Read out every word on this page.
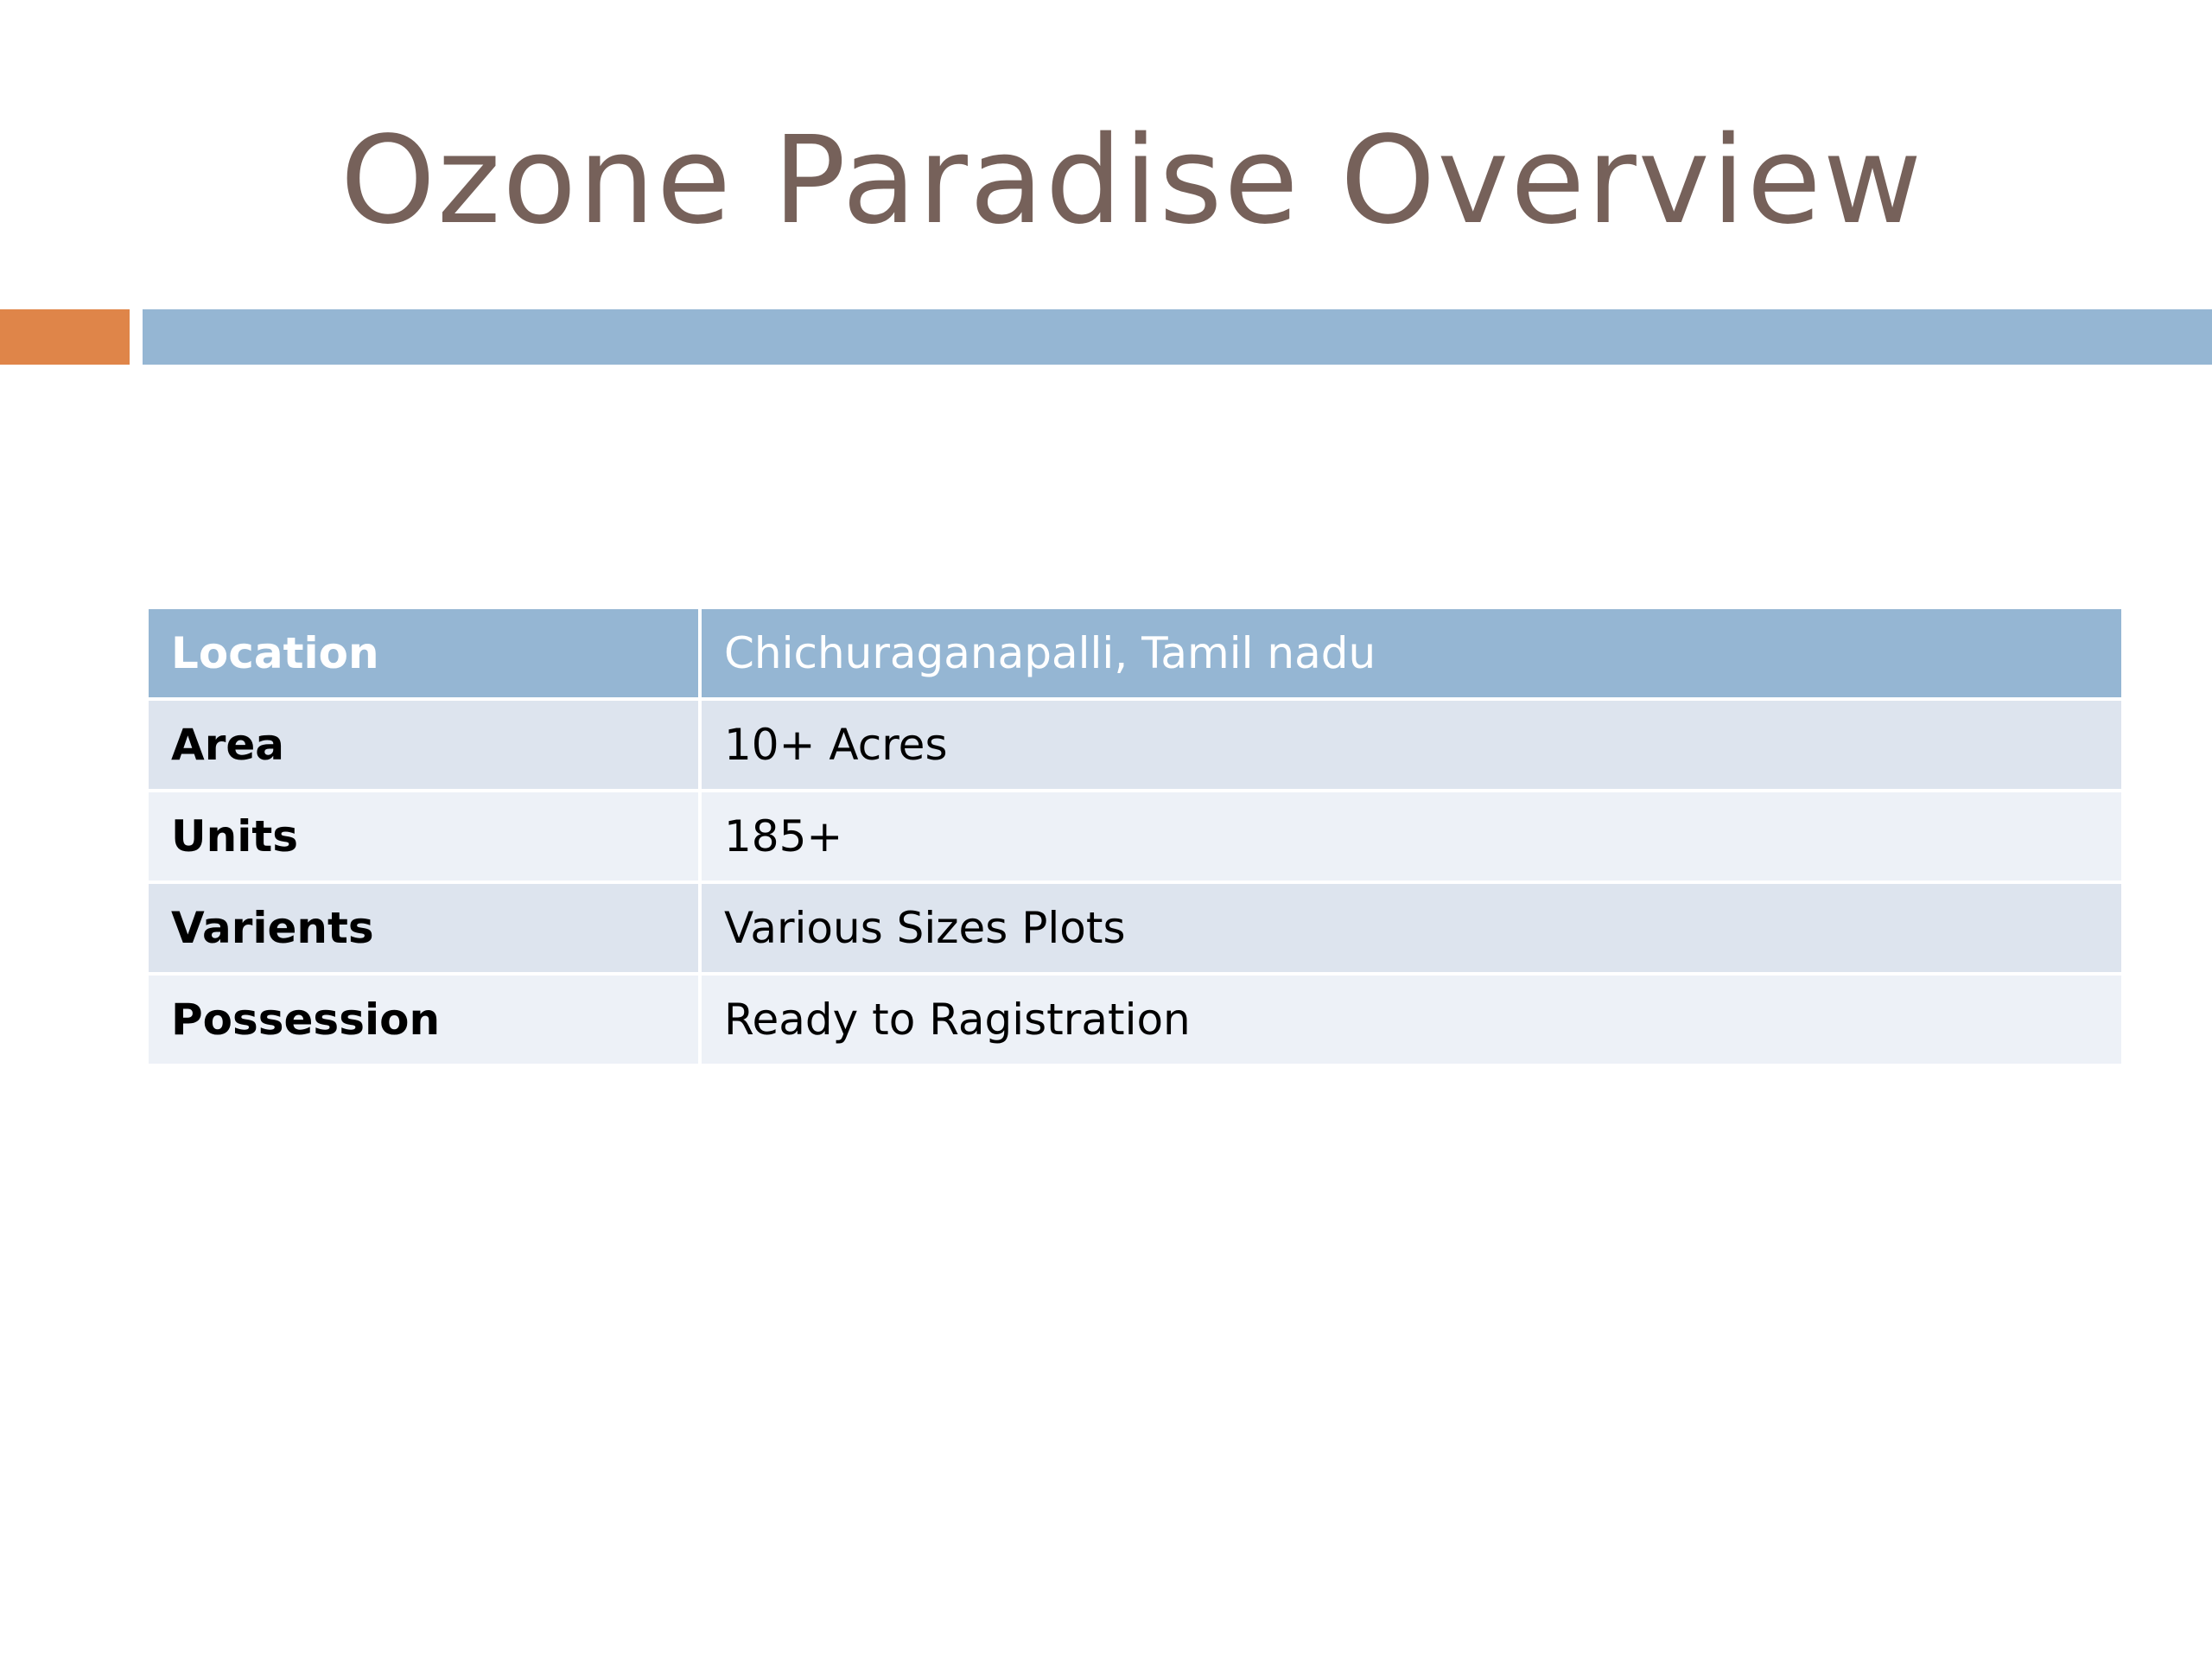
Ozone Paradise Overview
Location	Chichuraganapalli, Tamil nadu
Area	10+ Acres
Units	185+
Varients	Various Sizes Plots
Possession	Ready to Ragistration
